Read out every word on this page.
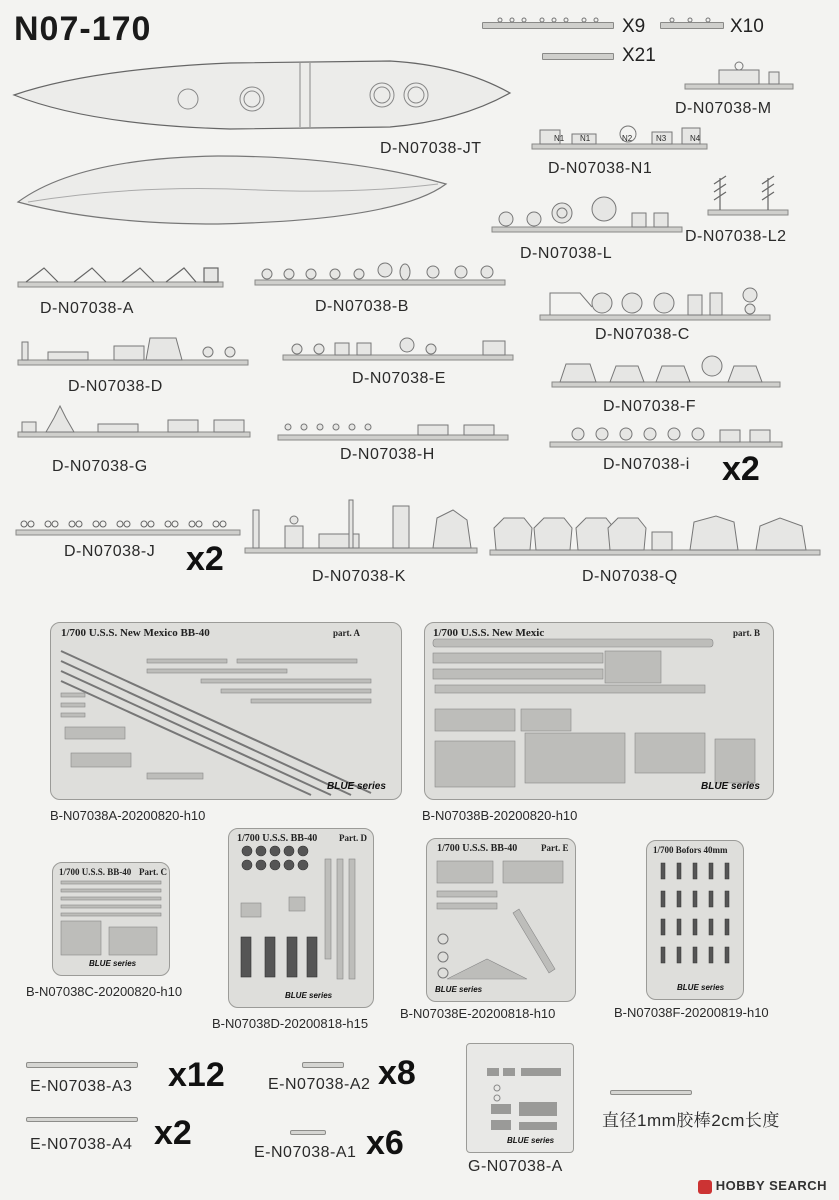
N07-170	X9	X10
X21
D-N07038-JT
D-N07038-M
N1 N1	N2	N3	N4
D-N07038-N1
D-N07038-L2
D-N07038-L
D-N07038-A	D-N07038-B
D-N07038-C
D-N07038-D	D-N07038-E
D-N07038-F
D-N07038-G
D-N07038-H
D-N07038-i x2
D-N07038-J x2	D-N07038-K	D-N07038-Q
1/700 U.S.S. New Mexico BB-40	part. A
BLUE series
B-N07038A-20200820-h10
1/700 U.S.S. New Mexic	part. B
BLUE series
B-N07038B-20200820-h10
1/700 U.S.S. BB-40 Part. C
BLUE series
B-N07038C-20200820-h10
1/700 U.S.S. BB-40 Part. D
BLUE series
B-N07038D-20200818-h15
1/700 U.S.S. BB-40	Part. E
BLUE series
B-N07038E-20200818-h10
1/700 Bofors 40mm
BLUE series
B-N07038F-20200819-h10
E-N07038-A3 x12	E-N07038-A2 x8
E-N07038-A4 x2
E-N07038-A1 x6	BLUE series
G-N07038-A
直径1mm胶棒2cm长度
HOBBY SEARCH
